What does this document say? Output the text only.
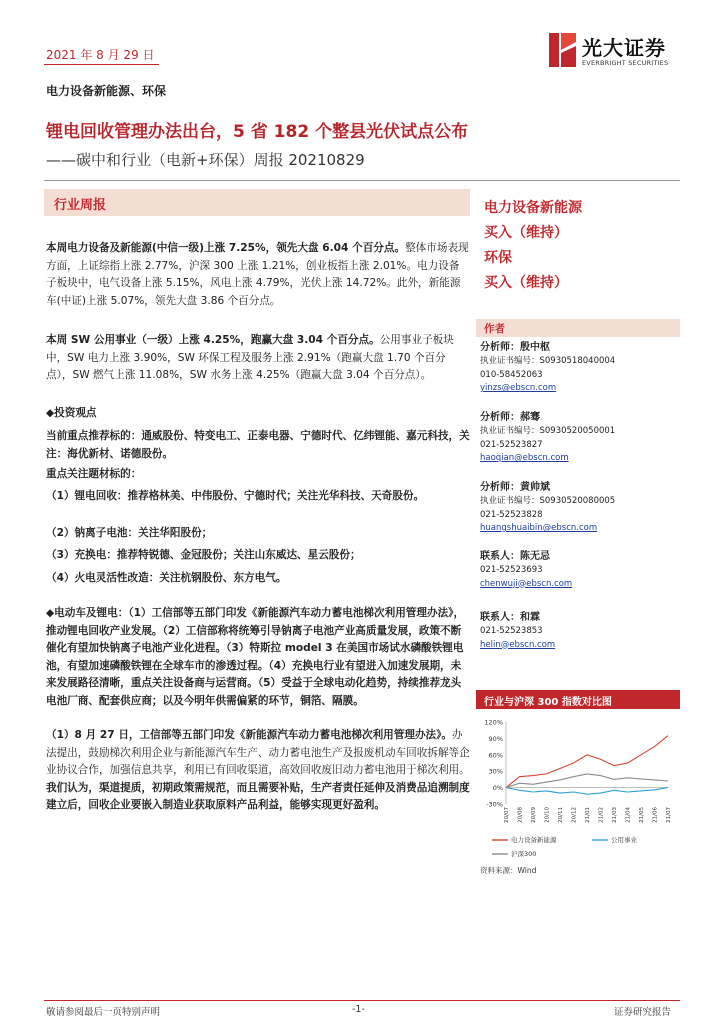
2021 年 8 月 29 日	光大证券
EVERBRIGHT SECURITIES
电力设备新能源、环保
锂电回收管理办法出台，5 省 182 个整县光伏试点公布
——碳中和行业（电新+环保）周报 20210829
行业周报
本周电力设备及新能源(中信一级)上涨 7.25%，领先大盘 6.04 个百分点。整体市场表现方面，上证综指上涨 2.77%，沪深 300 上涨 1.21%，创业板指上涨 2.01%。电力设备子板块中，电气设备上涨 5.15%，风电上涨 4.79%，光伏上涨 14.72%。此外，新能源车(中证)上涨 5.07%，领先大盘 3.86 个百分点。
本周 SW 公用事业（一级）上涨 4.25%，跑赢大盘 3.04 个百分点。公用事业子板块中，SW 电力上涨 3.90%，SW 环保工程及服务上涨 2.91%（跑赢大盘 1.70 个百分点），SW 燃气上涨 11.08%，SW 水务上涨 4.25%（跑赢大盘 3.04 个百分点）。
◆投资观点
当前重点推荐标的：通威股份、特变电工、正泰电器、宁德时代、亿纬锂能、嘉元科技，关注：海优新材、诺德股份。
重点关注题材标的：
（1）锂电回收：推荐格林美、中伟股份、宁德时代；关注光华科技、天奇股份。
（2）钠离子电池：关注华阳股份；
（3）充换电：推荐特锐德、金冠股份；关注山东威达、星云股份；
（4）火电灵活性改造：关注杭钢股份、东方电气。
◆电动车及锂电：（1）工信部等五部门印发《新能源汽车动力蓄电池梯次利用管理办法》，推动锂电回收产业发展。（2）工信部称将统筹引导钠离子电池产业高质量发展，政策不断催化有望加快钠离子电池产业化进程。（3）特斯拉 model 3 在美国市场试水磷酸铁锂电池，有望加速磷酸铁锂在全球车市的渗透过程。（4）充换电行业有望进入加速发展期，未来发展路径清晰，重点关注设备商与运营商。（5）受益于全球电动化趋势，持续推荐龙头电池厂商、配套供应商；以及今明年供需偏紧的环节，铜箔、隔膜。
（1）8 月 27 日，工信部等五部门印发《新能源汽车动力蓄电池梯次利用管理办法》。办法提出，鼓励梯次利用企业与新能源汽车生产、动力蓄电池生产及报废机动车回收拆解等企业协议合作，加强信息共享，利用已有回收渠道，高效回收废旧动力蓄电池用于梯次利用。我们认为，渠道提质，初期政策需规范，而且需要补贴，生产者责任延伸及消费品追溯制度建立后，回收企业要嵌入制造业获取原料产品利益，能够实现更好盈利。
电力设备新能源
买入（维持）
环保
买入（维持）
作者
分析师：殷中枢
执业证书编号：S0930518040004
010-58452063
yinzs@ebscn.com
分析师：郝骞
执业证书编号：S0930520050001
021-52523827
haoqian@ebscn.com
分析师：黄帅斌
执业证书编号：S0930520080005
021-52523828
huangshuaibin@ebscn.com
联系人：陈无忌
021-52523693
chenwuji@ebscn.com
联系人：和霖
021-52523853
helin@ebscn.com
行业与沪深 300 指数对比图
120%
90%
60%
30%
0%
-30%
20/07 20/08 20/09 20/10 20/11 20/12 21/01 21/02 21/03 21/04 21/05 21/06 21/07
电力设备新能源	公用事业
沪深300
资料来源：Wind
敬请参阅最后一页特别声明	-1-	证券研究报告
